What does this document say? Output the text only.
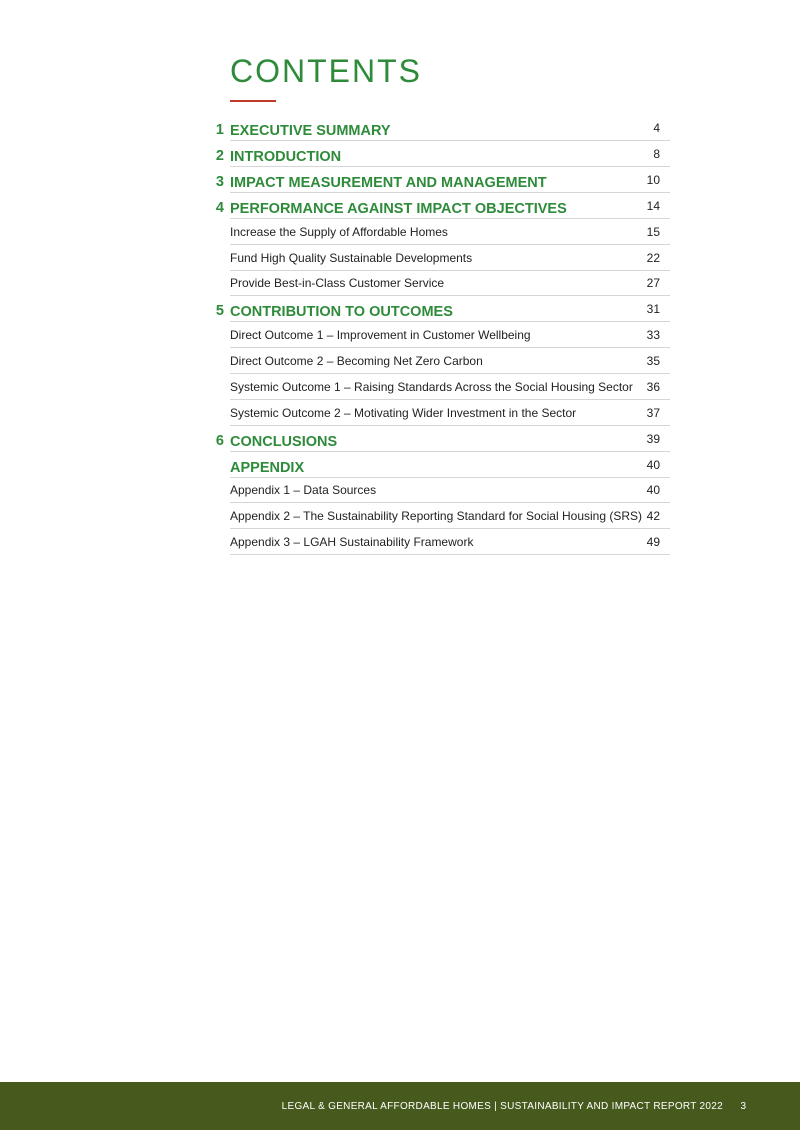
CONTENTS
1 EXECUTIVE SUMMARY	4
2 INTRODUCTION	8
3 IMPACT MEASUREMENT AND MANAGEMENT	10
4 PERFORMANCE AGAINST IMPACT OBJECTIVES	14
Increase the Supply of Affordable Homes	15
Fund High Quality Sustainable Developments	22
Provide Best-in-Class Customer Service	27
5 CONTRIBUTION TO OUTCOMES	31
Direct Outcome 1 – Improvement in Customer Wellbeing	33
Direct Outcome 2 – Becoming Net Zero Carbon	35
Systemic Outcome 1 – Raising Standards Across the Social Housing Sector	36
Systemic Outcome 2 – Motivating Wider Investment in the Sector	37
6 CONCLUSIONS	39
APPENDIX	40
Appendix 1 – Data Sources	40
Appendix 2 – The Sustainability Reporting Standard for Social Housing (SRS) 42
Appendix 3 – LGAH Sustainability Framework	49
LEGAL & GENERAL AFFORDABLE HOMES | SUSTAINABILITY AND IMPACT REPORT 2022 3
